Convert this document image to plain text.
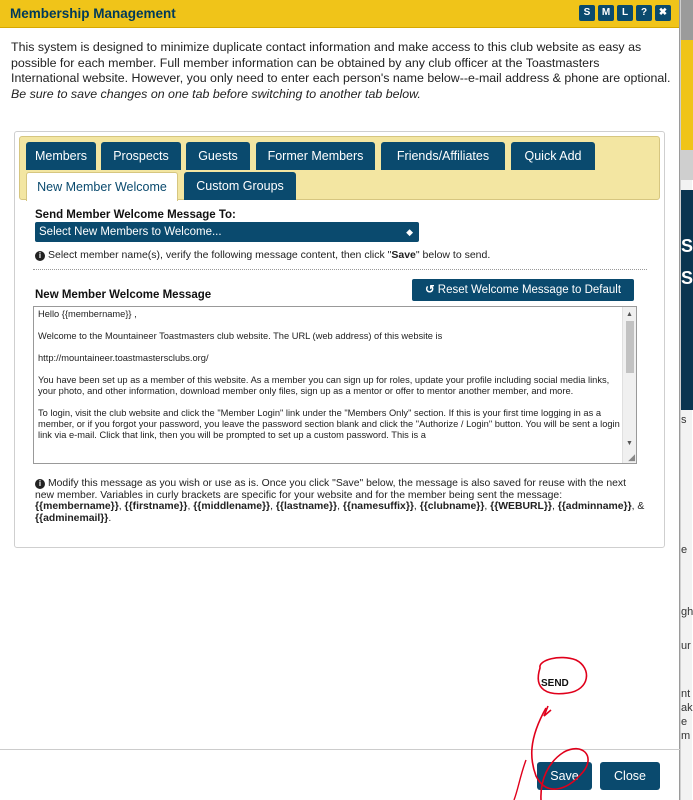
S
S
s
e
gh
ur
nt
ak
e
m
Membership Management	S	M	L	?	✖
This system is designed to minimize duplicate contact information and make access to this club website as easy as possible for each member. Full member information can be obtained by any club officer at the Toastmasters International website. However, you only need to enter each person's name below--e-mail address & phone are optional. Be sure to save changes on one tab before switching to another tab below.
Members	Prospects	Guests	Former Members	Friends/Affiliates	Quick Add
New Member Welcome	Custom Groups
Send Member Welcome Message To:
Select New Members to Welcome...	◆
i Select member name(s), verify the following message content, then click "Save" below to send.
New Member Welcome Message	↺ Reset Welcome Message to Default

Hello {{membername}} ,

Welcome to the Mountaineer Toastmasters club website. The URL (web address) of this website is

http://mountaineer.toastmastersclubs.org/

You have been set up as a member of this website. As a member you can sign up for roles, update your profile including social media links, your photo, and other information, download member only files, sign up as a mentor or offer to mentor another member, and more.

To login, visit the club website and click the "Member Login" link under the "Members Only" section. If this is your first time logging in as a member, or if you forgot your password, you leave the password section blank and click the "Authorize / Login" button. You will be sent a login link via e-mail. Click that link, then you will be prompted to set up a custom password. This is a

▲
▼
◢
i Modify this message as you wish or use as is. Once you click "Save" below, the message is also saved for reuse with the next new member. Variables in curly brackets are specific for your website and for the member being sent the message: {{membername}}, {{firstname}}, {{middlename}}, {{lastname}}, {{namesuffix}}, {{clubname}}, {{WEBURL}}, {{adminname}}, & {{adminemail}}.
Save	Close
SEND
